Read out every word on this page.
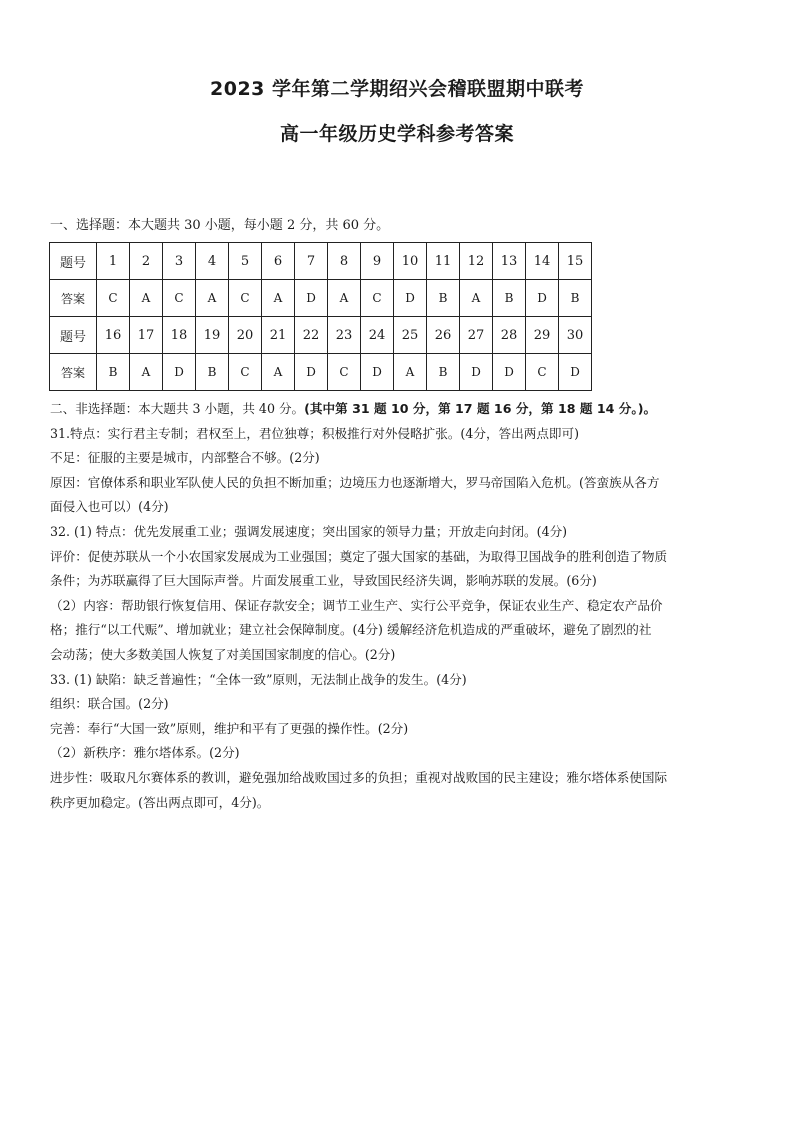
2023 学年第二学期绍兴会稽联盟期中联考
高一年级历史学科参考答案
一、选择题：本大题共 30 小题，每小题 2 分，共 60 分。
题号	1	2	3	4	5	6	7	8	9	10	11	12	13	14	15
答案	C	A	C	A	C	A	D	A	C	D	B	A	B	D	B
题号	16	17	18	19	20	21	22	23	24	25	26	27	28	29	30
答案	B	A	D	B	C	A	D	C	D	A	B	D	D	C	D

二、非选择题：本大题共 3 小题，共 40 分。(其中第 31 题 10 分，第 17 题 16 分，第 18 题 14 分。)。

31.特点：实行君主专制；君权至上，君位独尊；积极推行对外侵略扩张。(4分，答出两点即可)

不足：征服的主要是城市，内部整合不够。(2分)

原因：官僚体系和职业军队使人民的负担不断加重；边境压力也逐渐增大，罗马帝国陷入危机。(答蛮族从各方

面侵入也可以）(4分)

32. (1) 特点：优先发展重工业；强调发展速度；突出国家的领导力量；开放走向封闭。(4分)

评价：促使苏联从一个小农国家发展成为工业强国；奠定了强大国家的基础，为取得卫国战争的胜利创造了物质

条件；为苏联赢得了巨大国际声誉。片面发展重工业，导致国民经济失调，影响苏联的发展。(6分)

（2）内容：帮助银行恢复信用、保证存款安全；调节工业生产、实行公平竞争，保证农业生产、稳定农产品价

格；推行“以工代赈”、增加就业；建立社会保障制度。(4分) 缓解经济危机造成的严重破坏，避免了剧烈的社

会动荡；使大多数美国人恢复了对美国国家制度的信心。(2分)

33. (1) 缺陷：缺乏普遍性；“全体一致”原则，无法制止战争的发生。(4分)

组织：联合国。(2分)

完善：奉行“大国一致”原则，维护和平有了更强的操作性。(2分)

（2）新秩序：雅尔塔体系。(2分)

进步性：吸取凡尔赛体系的教训，避免强加给战败国过多的负担；重视对战败国的民主建设；雅尔塔体系使国际

秩序更加稳定。(答出两点即可，4分)。
